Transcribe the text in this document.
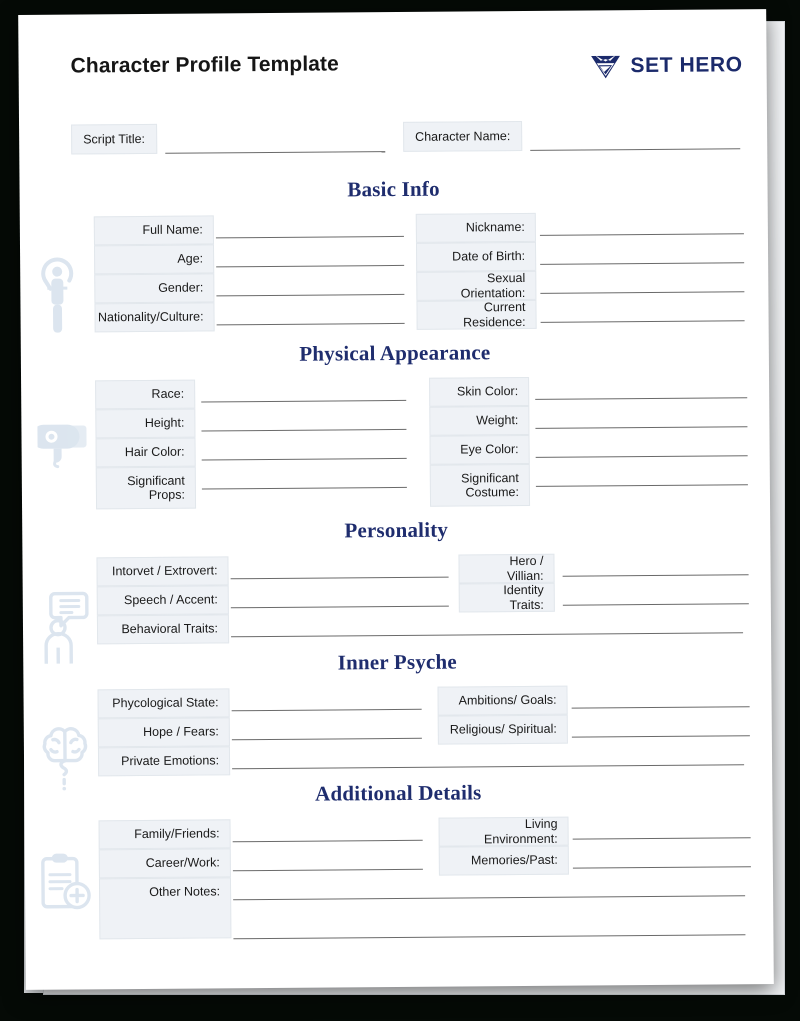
Character Profile Template	SET HERO
Script Title:	Character Name:
Basic Info
Full Name:
Age:
Gender:
Nationality/Culture:
Nickname:
Date of Birth:
Sexual Orientation:
Current Residence:
Physical Appearance
Race:
Height:
Hair Color:
Significant Props:
Skin Color:
Weight:
Eye Color:
Significant Costume:
Personality
Intorvet / Extrovert:
Speech / Accent:
Hero / Villian:
Identity Traits:
Behavioral Traits:
Inner Psyche
Phycological State:
Hope / Fears:
Ambitions/ Goals:
Religious/ Spiritual:
Private Emotions:
Additional Details
Family/Friends:
Career/Work:
Living Environment:
Memories/Past:
Other Notes:
